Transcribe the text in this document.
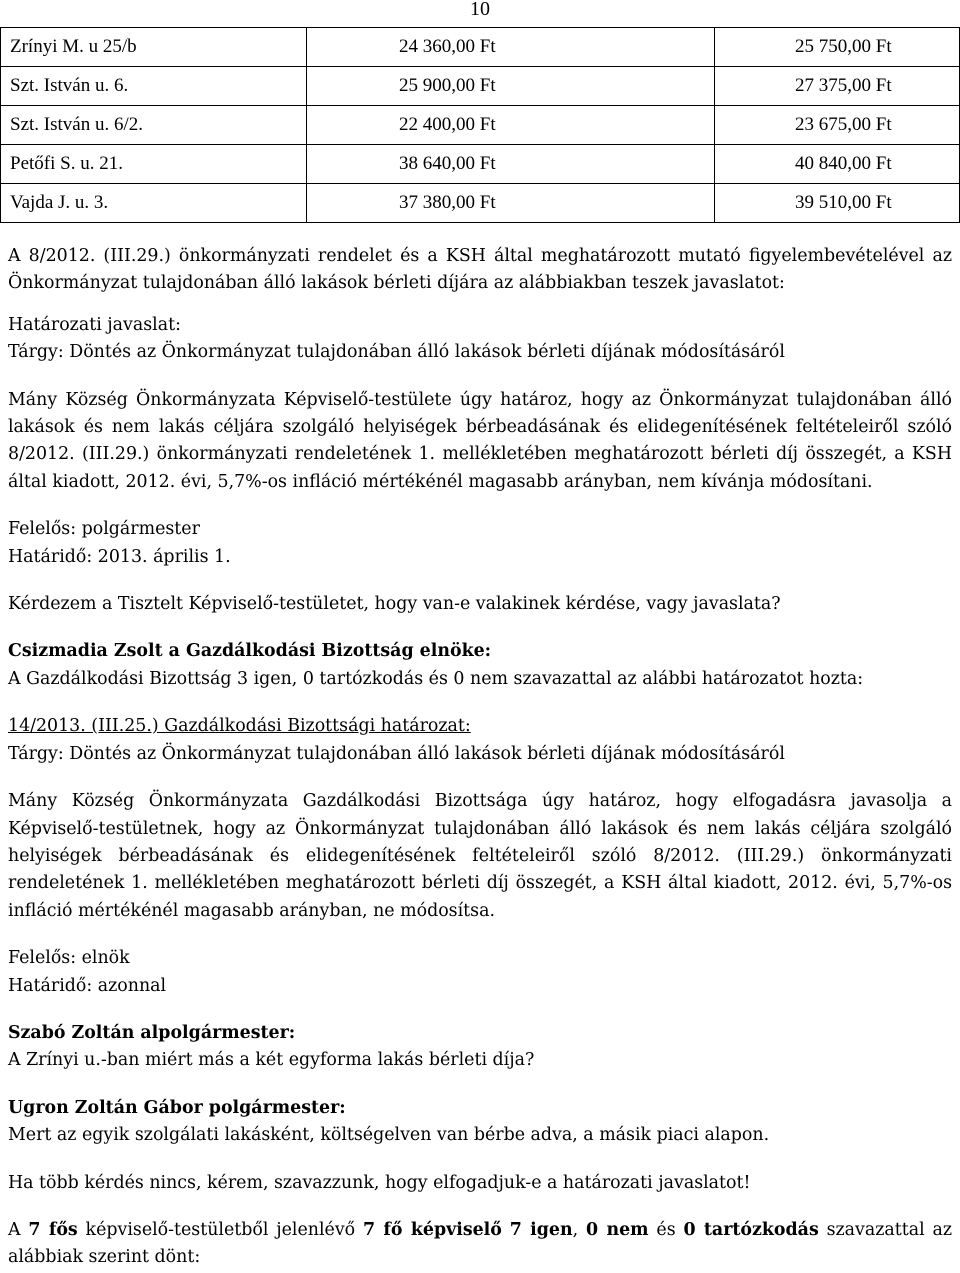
10
Zrínyi M. u 25/b	24 360,00 Ft	25 750,00 Ft
Szt. István u. 6.	25 900,00 Ft	27 375,00 Ft
Szt. István u. 6/2.	22 400,00 Ft	23 675,00 Ft
Petőfi S. u. 21.	38 640,00 Ft	40 840,00 Ft
Vajda J. u. 3.	37 380,00 Ft	39 510,00 Ft

A 8/2012. (III.29.) önkormányzati rendelet és a KSH által meghatározott mutató figyelembevételével az Önkormányzat tulajdonában álló lakások bérleti díjára az alábbiakban teszek javaslatot:

Határozati javaslat:

Tárgy: Döntés az Önkormányzat tulajdonában álló lakások bérleti díjának módosításáról

Mány Község Önkormányzata Képviselő-testülete úgy határoz, hogy az Önkormányzat tulajdonában álló lakások és nem lakás céljára szolgáló helyiségek bérbeadásának és elidegenítésének feltételeiről szóló 8/2012. (III.29.) önkormányzati rendeletének 1. mellékletében meghatározott bérleti díj összegét, a KSH által kiadott, 2012. évi, 5,7%-os infláció mértékénél magasabb arányban, nem kívánja módosítani.

Felelős: polgármester

Határidő: 2013. április 1.

Kérdezem a Tisztelt Képviselő-testületet, hogy van-e valakinek kérdése, vagy javaslata?

Csizmadia Zsolt a Gazdálkodási Bizottság elnöke:

A Gazdálkodási Bizottság 3 igen, 0 tartózkodás és 0 nem szavazattal az alábbi határozatot hozta:

14/2013. (III.25.) Gazdálkodási Bizottsági határozat:

Tárgy: Döntés az Önkormányzat tulajdonában álló lakások bérleti díjának módosításáról

Mány Község Önkormányzata Gazdálkodási Bizottsága úgy határoz, hogy elfogadásra javasolja a Képviselő-testületnek, hogy az Önkormányzat tulajdonában álló lakások és nem lakás céljára szolgáló helyiségek bérbeadásának és elidegenítésének feltételeiről szóló 8/2012. (III.29.) önkormányzati rendeletének 1. mellékletében meghatározott bérleti díj összegét, a KSH által kiadott, 2012. évi, 5,7%-os infláció mértékénél magasabb arányban, ne módosítsa.

Felelős: elnök

Határidő: azonnal

Szabó Zoltán alpolgármester:

A Zrínyi u.-ban miért más a két egyforma lakás bérleti díja?

Ugron Zoltán Gábor polgármester:

Mert az egyik szolgálati lakásként, költségelven van bérbe adva, a másik piaci alapon.

Ha több kérdés nincs, kérem, szavazzunk, hogy elfogadjuk-e a határozati javaslatot!

A 7 fős képviselő-testületből jelenlévő 7 fő képviselő 7 igen, 0 nem és 0 tartózkodás szavazattal az alábbiak szerint dönt:
